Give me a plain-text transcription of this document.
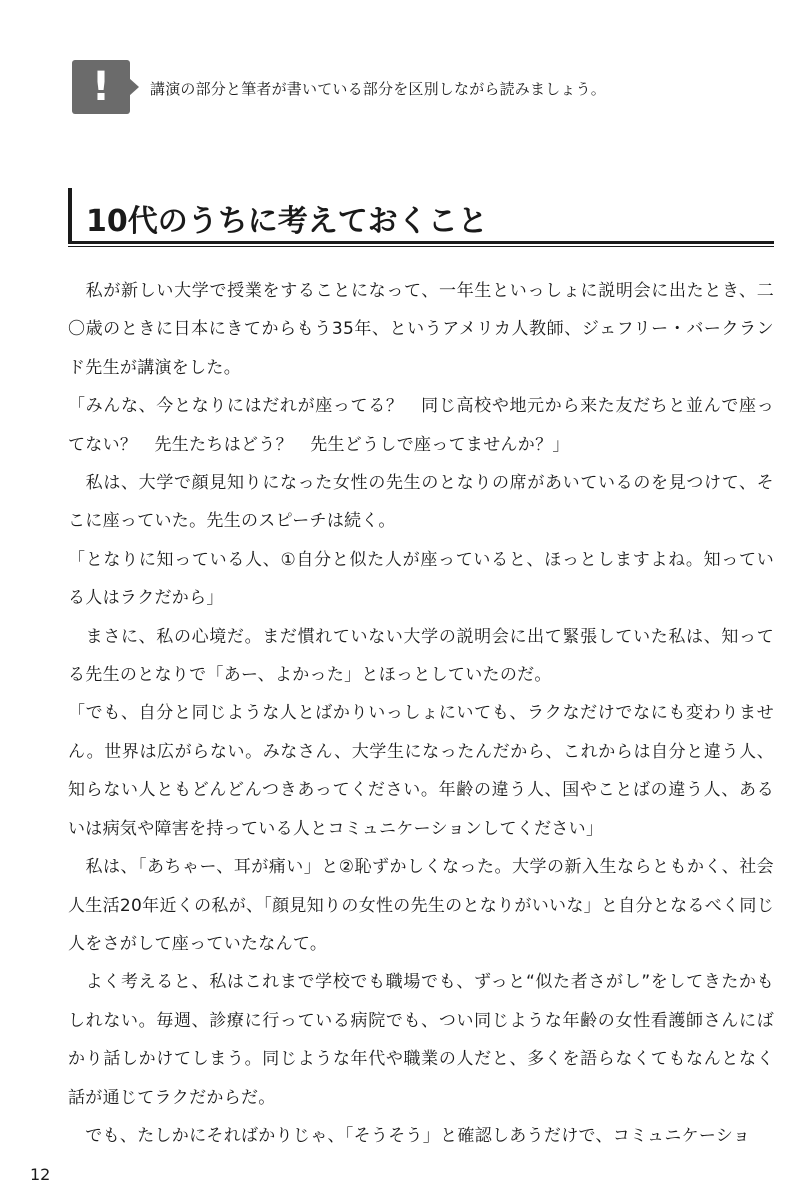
!	講演の部分と筆者が書いている部分を区別しながら読みましょう。
10代のうちに考えておくこと

　私が新しい大学で授業をすることになって、一年生といっしょに説明会に出たとき、二〇歳のときに日本にきてからもう35年、というアメリカ人教師、ジェフリー・バークランド先生が講演をした。

「みんな、今となりにはだれが座ってる？　同じ高校や地元から来た友だちと並んで座ってない？　先生たちはどう？　先生どうしで座ってませんか？」

　私は、大学で顔見知りになった女性の先生のとなりの席があいているのを見つけて、そこに座っていた。先生のスピーチは続く。

「となりに知っている人、①自分と似た人が座っていると、ほっとしますよね。知っている人はラクだから」

　まさに、私の心境だ。まだ慣れていない大学の説明会に出て緊張していた私は、知ってる先生のとなりで「あー、よかった」とほっとしていたのだ。

「でも、自分と同じような人とばかりいっしょにいても、ラクなだけでなにも変わりません。世界は広がらない。みなさん、大学生になったんだから、これからは自分と違う人、知らない人ともどんどんつきあってください。年齢の違う人、国やことばの違う人、あるいは病気や障害を持っている人とコミュニケーションしてください」

　私は、「あちゃー、耳が痛い」と②恥ずかしくなった。大学の新入生ならともかく、社会人生活20年近くの私が、「顔見知りの女性の先生のとなりがいいな」と自分となるべく同じ人をさがして座っていたなんて。

　よく考えると、私はこれまで学校でも職場でも、ずっと“似た者さがし”をしてきたかもしれない。毎週、診療に行っている病院でも、つい同じような年齢の女性看護師さんにばかり話しかけてしまう。同じような年代や職業の人だと、多くを語らなくてもなんとなく話が通じてラクだからだ。

　でも、たしかにそればかりじゃ、「そうそう」と確認しあうだけで、コミュニケーショ

12
